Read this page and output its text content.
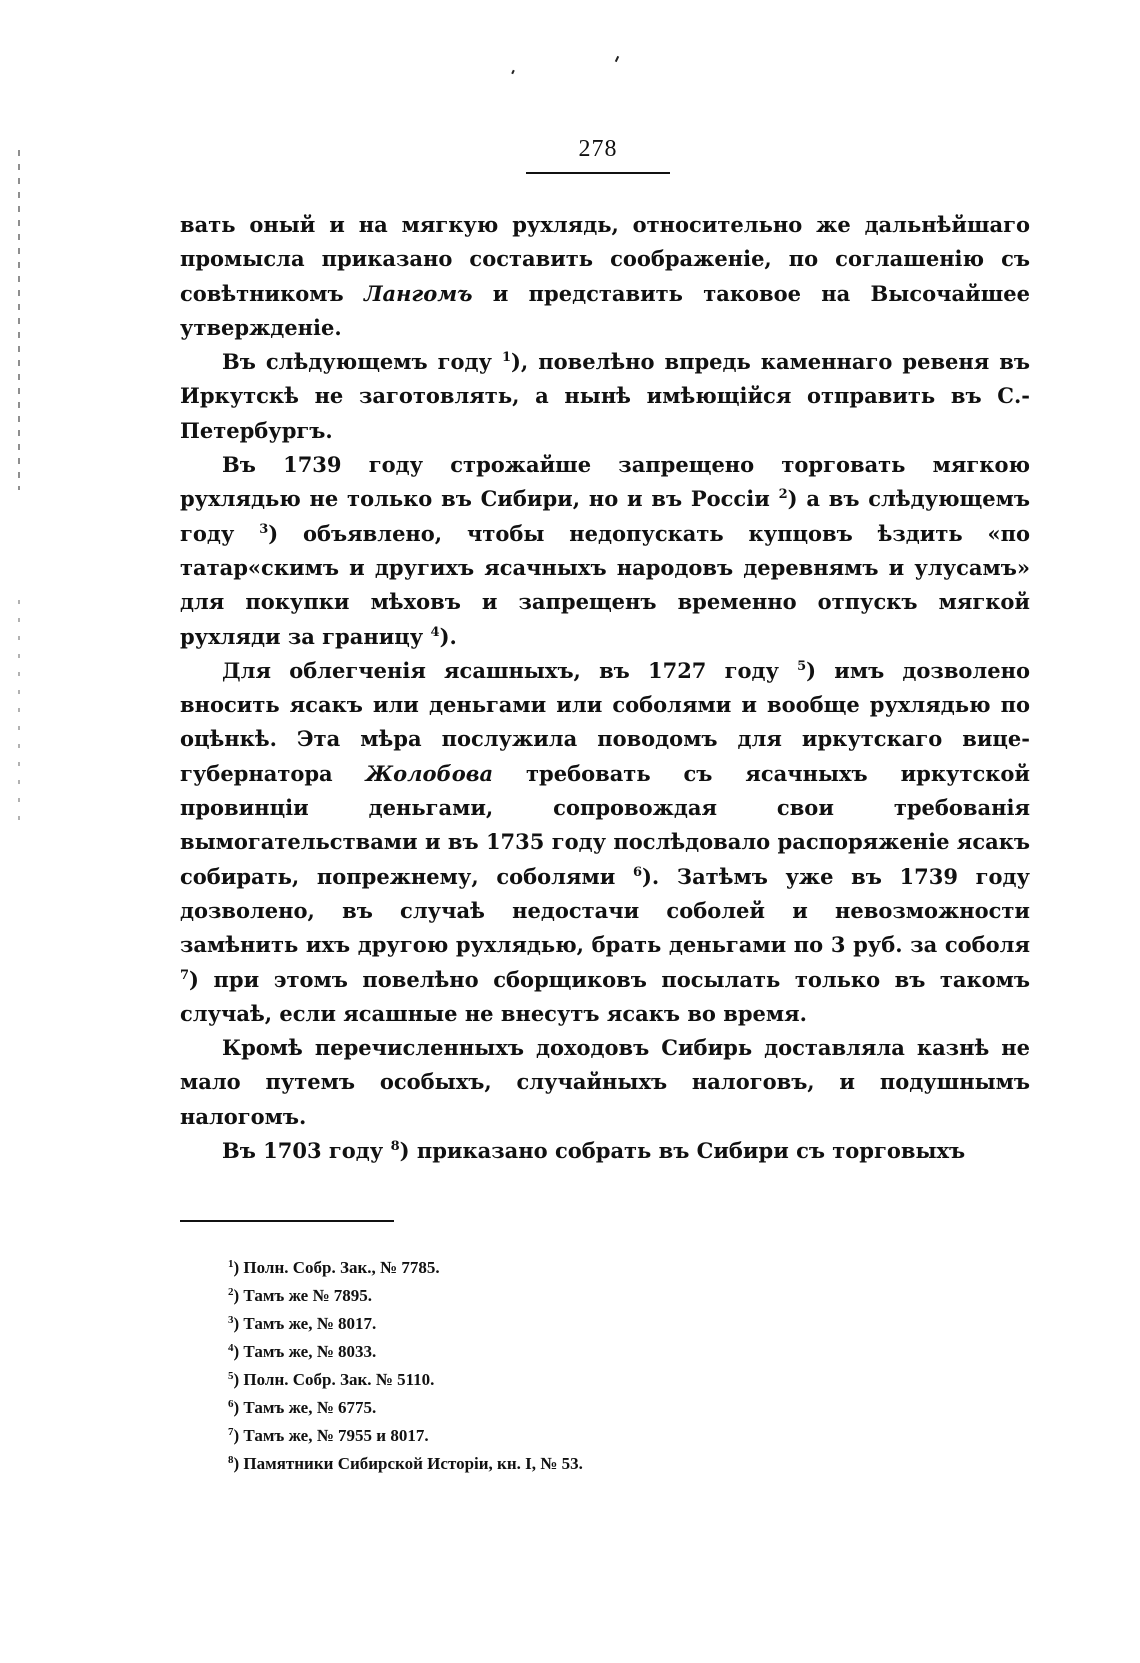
278

вать оный и на мягкую рухлядь, относительно же дальнѣйшаго промысла приказано составить соображеніе, по соглашенію съ совѣтникомъ Лангомъ и представить таковое на Высочайшее утвержденіе.

Въ слѣдующемъ году $^1$), повелѣно впредь каменнаго ревеня въ Иркутскѣ не заготовлять, а нынѣ имѣющійся отправить въ С.-Петербургъ.

Въ 1739 году строжайше запрещено торговать мягкою рухлядью не только въ Сибири, но и въ Россіи $^2$) а въ слѣдующемъ году $^3$) объявлено, чтобы недопускать купцовъ ѣздить «по татар«скимъ и другихъ ясачныхъ народовъ деревнямъ и улусамъ» для покупки мѣховъ и запрещенъ временно отпускъ мягкой рухляди за границу $^4$).

Для облегченія ясашныхъ, въ 1727 году $^5$) имъ дозволено вносить ясакъ или деньгами или соболями и вообще рухлядью по оцѣнкѣ. Эта мѣра послужила поводомъ для иркутскаго вице-губернатора Жолобова требовать съ ясачныхъ иркутской провинціи деньгами, сопровождая свои требованія вымогательствами и въ 1735 году послѣдовало распоряженіе ясакъ собирать, попрежнему, соболями $^6$). Затѣмъ уже въ 1739 году дозволено, въ случаѣ недостачи соболей и невозможности замѣнить ихъ другою рухлядью, брать деньгами по 3 руб. за соболя $^7$) при этомъ повелѣно сборщиковъ посылать только въ такомъ случаѣ, если ясашные не внесутъ ясакъ во время.

Кромѣ перечисленныхъ доходовъ Сибирь доставляла казнѣ не мало путемъ особыхъ, случайныхъ налоговъ, и подушнымъ налогомъ.

Въ 1703 году $^8$) приказано собрать въ Сибири съ торговыхъ

$^1$) Полн. Собр. Зак., № 7785.
$^2$) Тамъ же № 7895.
$^3$) Тамъ же, № 8017.
$^4$) Тамъ же, № 8033.
$^5$) Полн. Собр. Зак. № 5110.
$^6$) Тамъ же, № 6775.
$^7$) Тамъ же, № 7955 и 8017.
$^8$) Памятники Сибирской Исторіи, кн. I, № 53.
